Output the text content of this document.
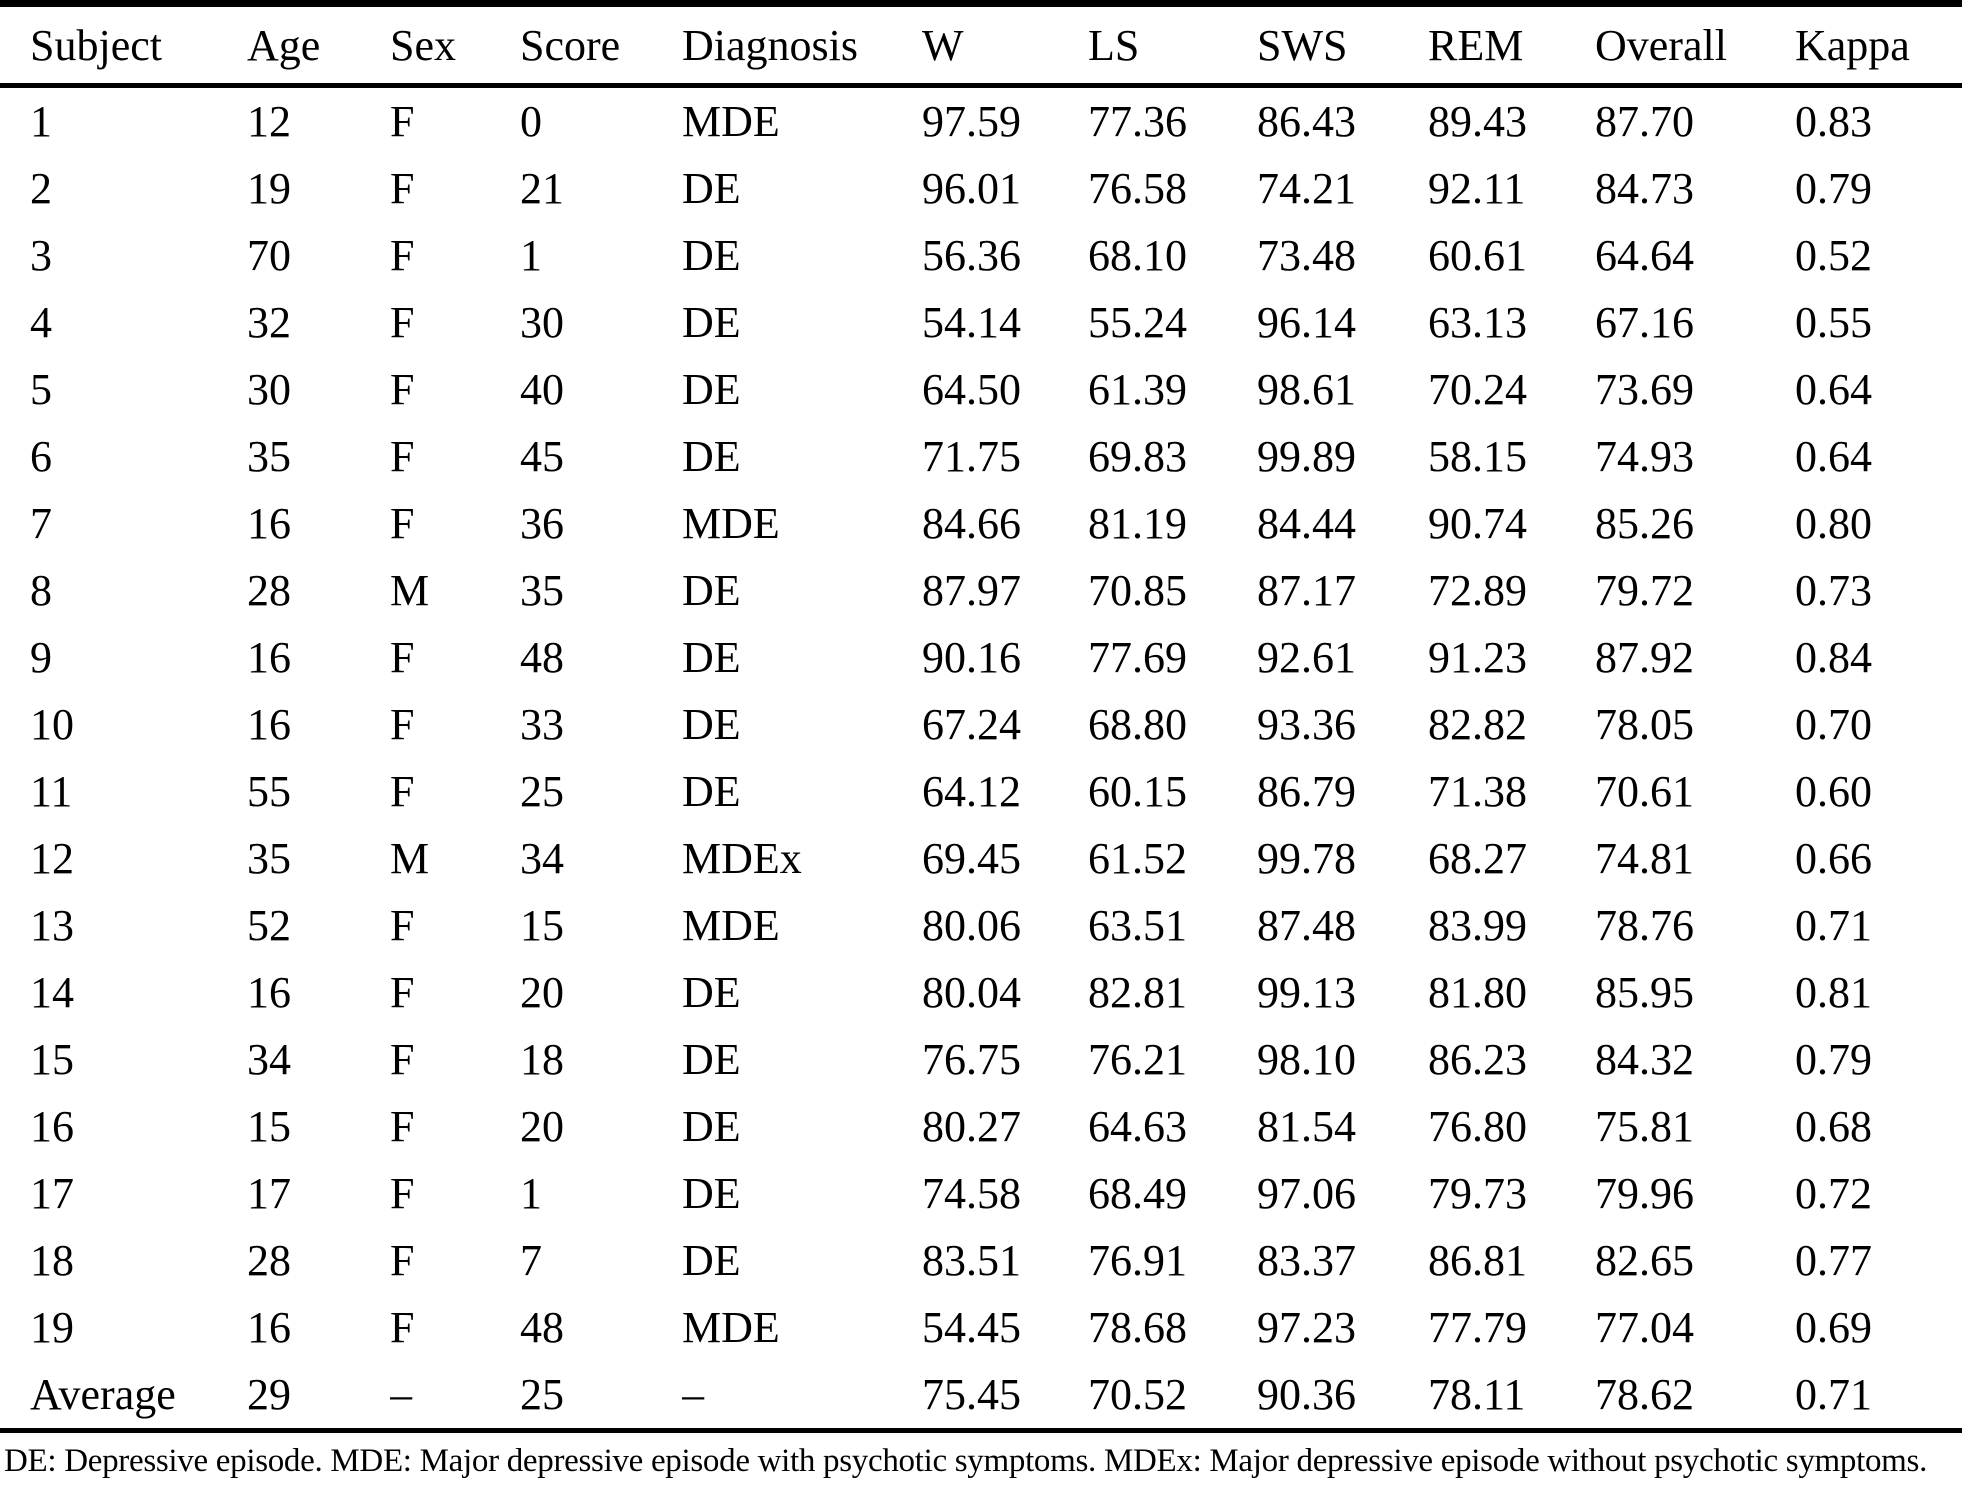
Subject	Age	Sex	Score	Diagnosis	W	LS	SWS	REM	Overall	Kappa
1	12	F	0	MDE	97.59	77.36	86.43	89.43	87.70	0.83
2	19	F	21	DE	96.01	76.58	74.21	92.11	84.73	0.79
3	70	F	1	DE	56.36	68.10	73.48	60.61	64.64	0.52
4	32	F	30	DE	54.14	55.24	96.14	63.13	67.16	0.55
5	30	F	40	DE	64.50	61.39	98.61	70.24	73.69	0.64
6	35	F	45	DE	71.75	69.83	99.89	58.15	74.93	0.64
7	16	F	36	MDE	84.66	81.19	84.44	90.74	85.26	0.80
8	28	M	35	DE	87.97	70.85	87.17	72.89	79.72	0.73
9	16	F	48	DE	90.16	77.69	92.61	91.23	87.92	0.84
10	16	F	33	DE	67.24	68.80	93.36	82.82	78.05	0.70
11	55	F	25	DE	64.12	60.15	86.79	71.38	70.61	0.60
12	35	M	34	MDEx	69.45	61.52	99.78	68.27	74.81	0.66
13	52	F	15	MDE	80.06	63.51	87.48	83.99	78.76	0.71
14	16	F	20	DE	80.04	82.81	99.13	81.80	85.95	0.81
15	34	F	18	DE	76.75	76.21	98.10	86.23	84.32	0.79
16	15	F	20	DE	80.27	64.63	81.54	76.80	75.81	0.68
17	17	F	1	DE	74.58	68.49	97.06	79.73	79.96	0.72
18	28	F	7	DE	83.51	76.91	83.37	86.81	82.65	0.77
19	16	F	48	MDE	54.45	78.68	97.23	77.79	77.04	0.69
Average	29	–	25	–	75.45	70.52	90.36	78.11	78.62	0.71
DE: Depressive episode. MDE: Major depressive episode with psychotic symptoms. MDEx: Major depressive episode without psychotic symptoms.
